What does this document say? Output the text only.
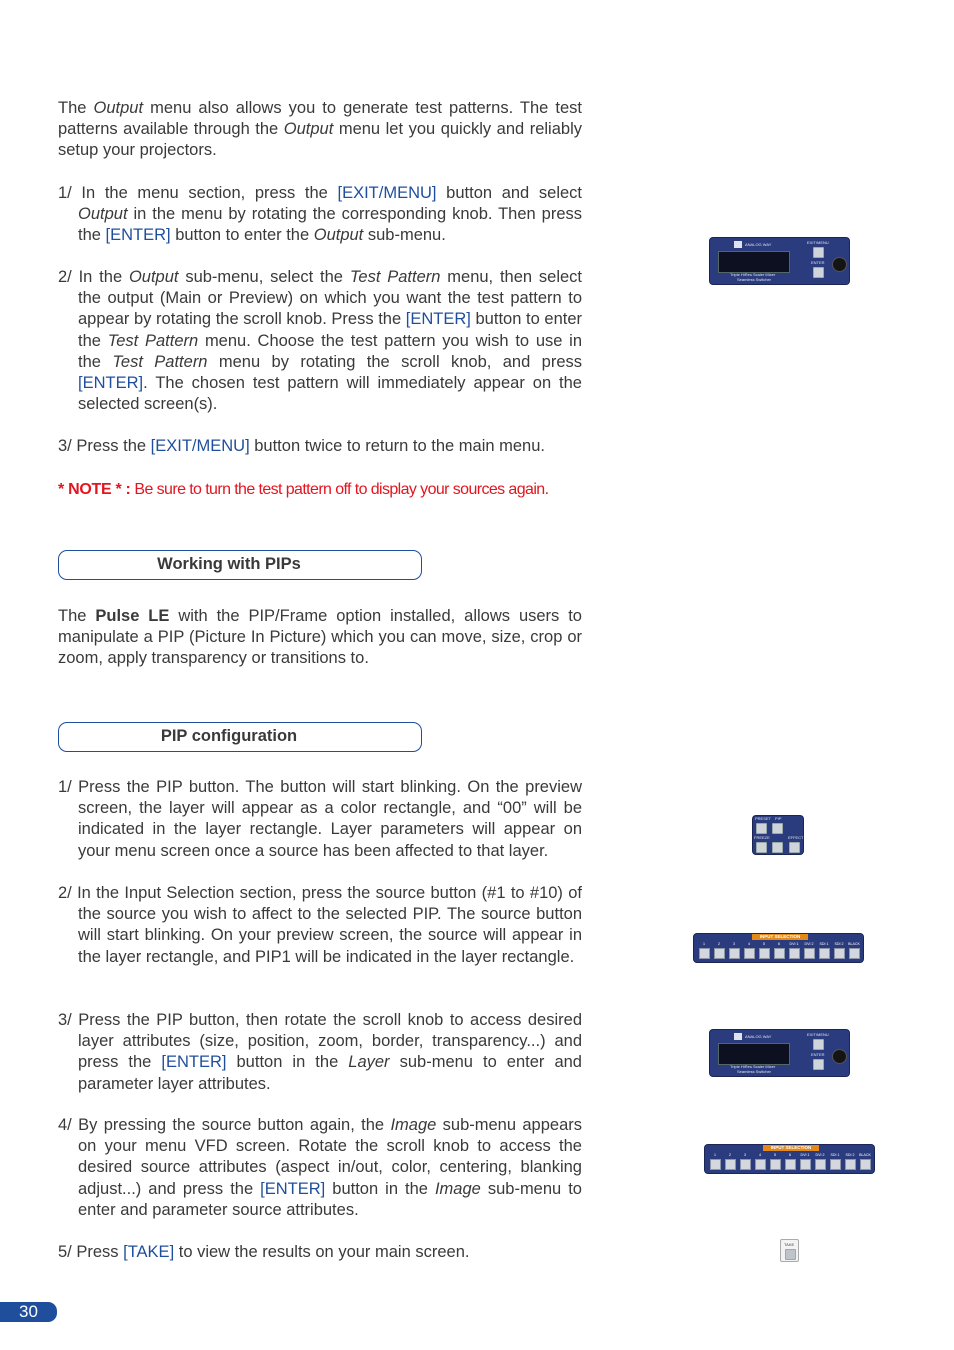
The Output menu also allows you to generate test patterns. The test patterns available through the Output menu let you quickly and reliably setup your projectors.

1/ In the menu section, press the [EXIT/MENU] button and select Output in the menu by rotating the corresponding knob. Then press the [ENTER] button to enter the Output sub-menu.

2/ In the Output sub-menu, select the Test Pattern menu, then select the output (Main or Preview) on which you want the test pattern to appear by rotating the scroll knob. Press the [ENTER] button to enter the Test Pattern menu. Choose the test pattern you wish to use in the Test Pattern menu by rotating the scroll knob, and press [ENTER]. The chosen test pattern will immediately appear on the selected screen(s).

3/ Press the [EXIT/MENU] button twice to return to the main menu.

* NOTE * : Be sure to turn the test pattern off to display your sources again.

Working with PIPs

The Pulse LE with the PIP/Frame option installed, allows users to manipulate a PIP (Picture In Picture) which you can move, size, crop or zoom, apply transparency or transitions to.

PIP configuration

1/ Press the PIP button. The button will start blinking. On the preview screen, the layer will appear as a color rectangle, and “00” will be indicated in the layer rectangle. Layer parameters will appear on your menu screen once a source has been affected to that layer.

2/ In the Input Selection section, press the source button (#1 to #10) of the source you wish to affect to the selected PIP. The source button will start blinking. On your preview screen, the source will appear in the layer rectangle, and PIP1 will be indicated in the layer rectangle.

3/ Press the PIP button, then rotate the scroll knob to access desired layer attributes (size, position, zoom, border, transparency...) and press the [ENTER] button in the Layer sub-menu to enter and parameter layer attributes.

4/ By pressing the source button again, the Image sub-menu appears on your menu VFD screen. Rotate the scroll knob to access the desired source attributes (aspect in/out, color, centering, blanking adjust...) and press the [ENTER] button in the Image sub-menu to enter and parameter source attributes.

5/ Press [TAKE] to view the results on your main screen.

ANALOG WAY
Triple HiRes Scaler Mixer
Seamless Switcher
EXIT/MENU
ENTER
PRESET PIP
FREEZE	EFFECT
INPUT SELECTION
1	2	3	4	5	6	DVI 1	DVI 2	SDI 1	SDI 2	BLACK
ANALOG WAY
Triple HiRes Scaler Mixer
Seamless Switcher
EXIT/MENU
ENTER
INPUT SELECTION
1	2	3	4	5	6	DVI 1	DVI 2	SDI 1	SDI 2	BLACK
TAKE
30
